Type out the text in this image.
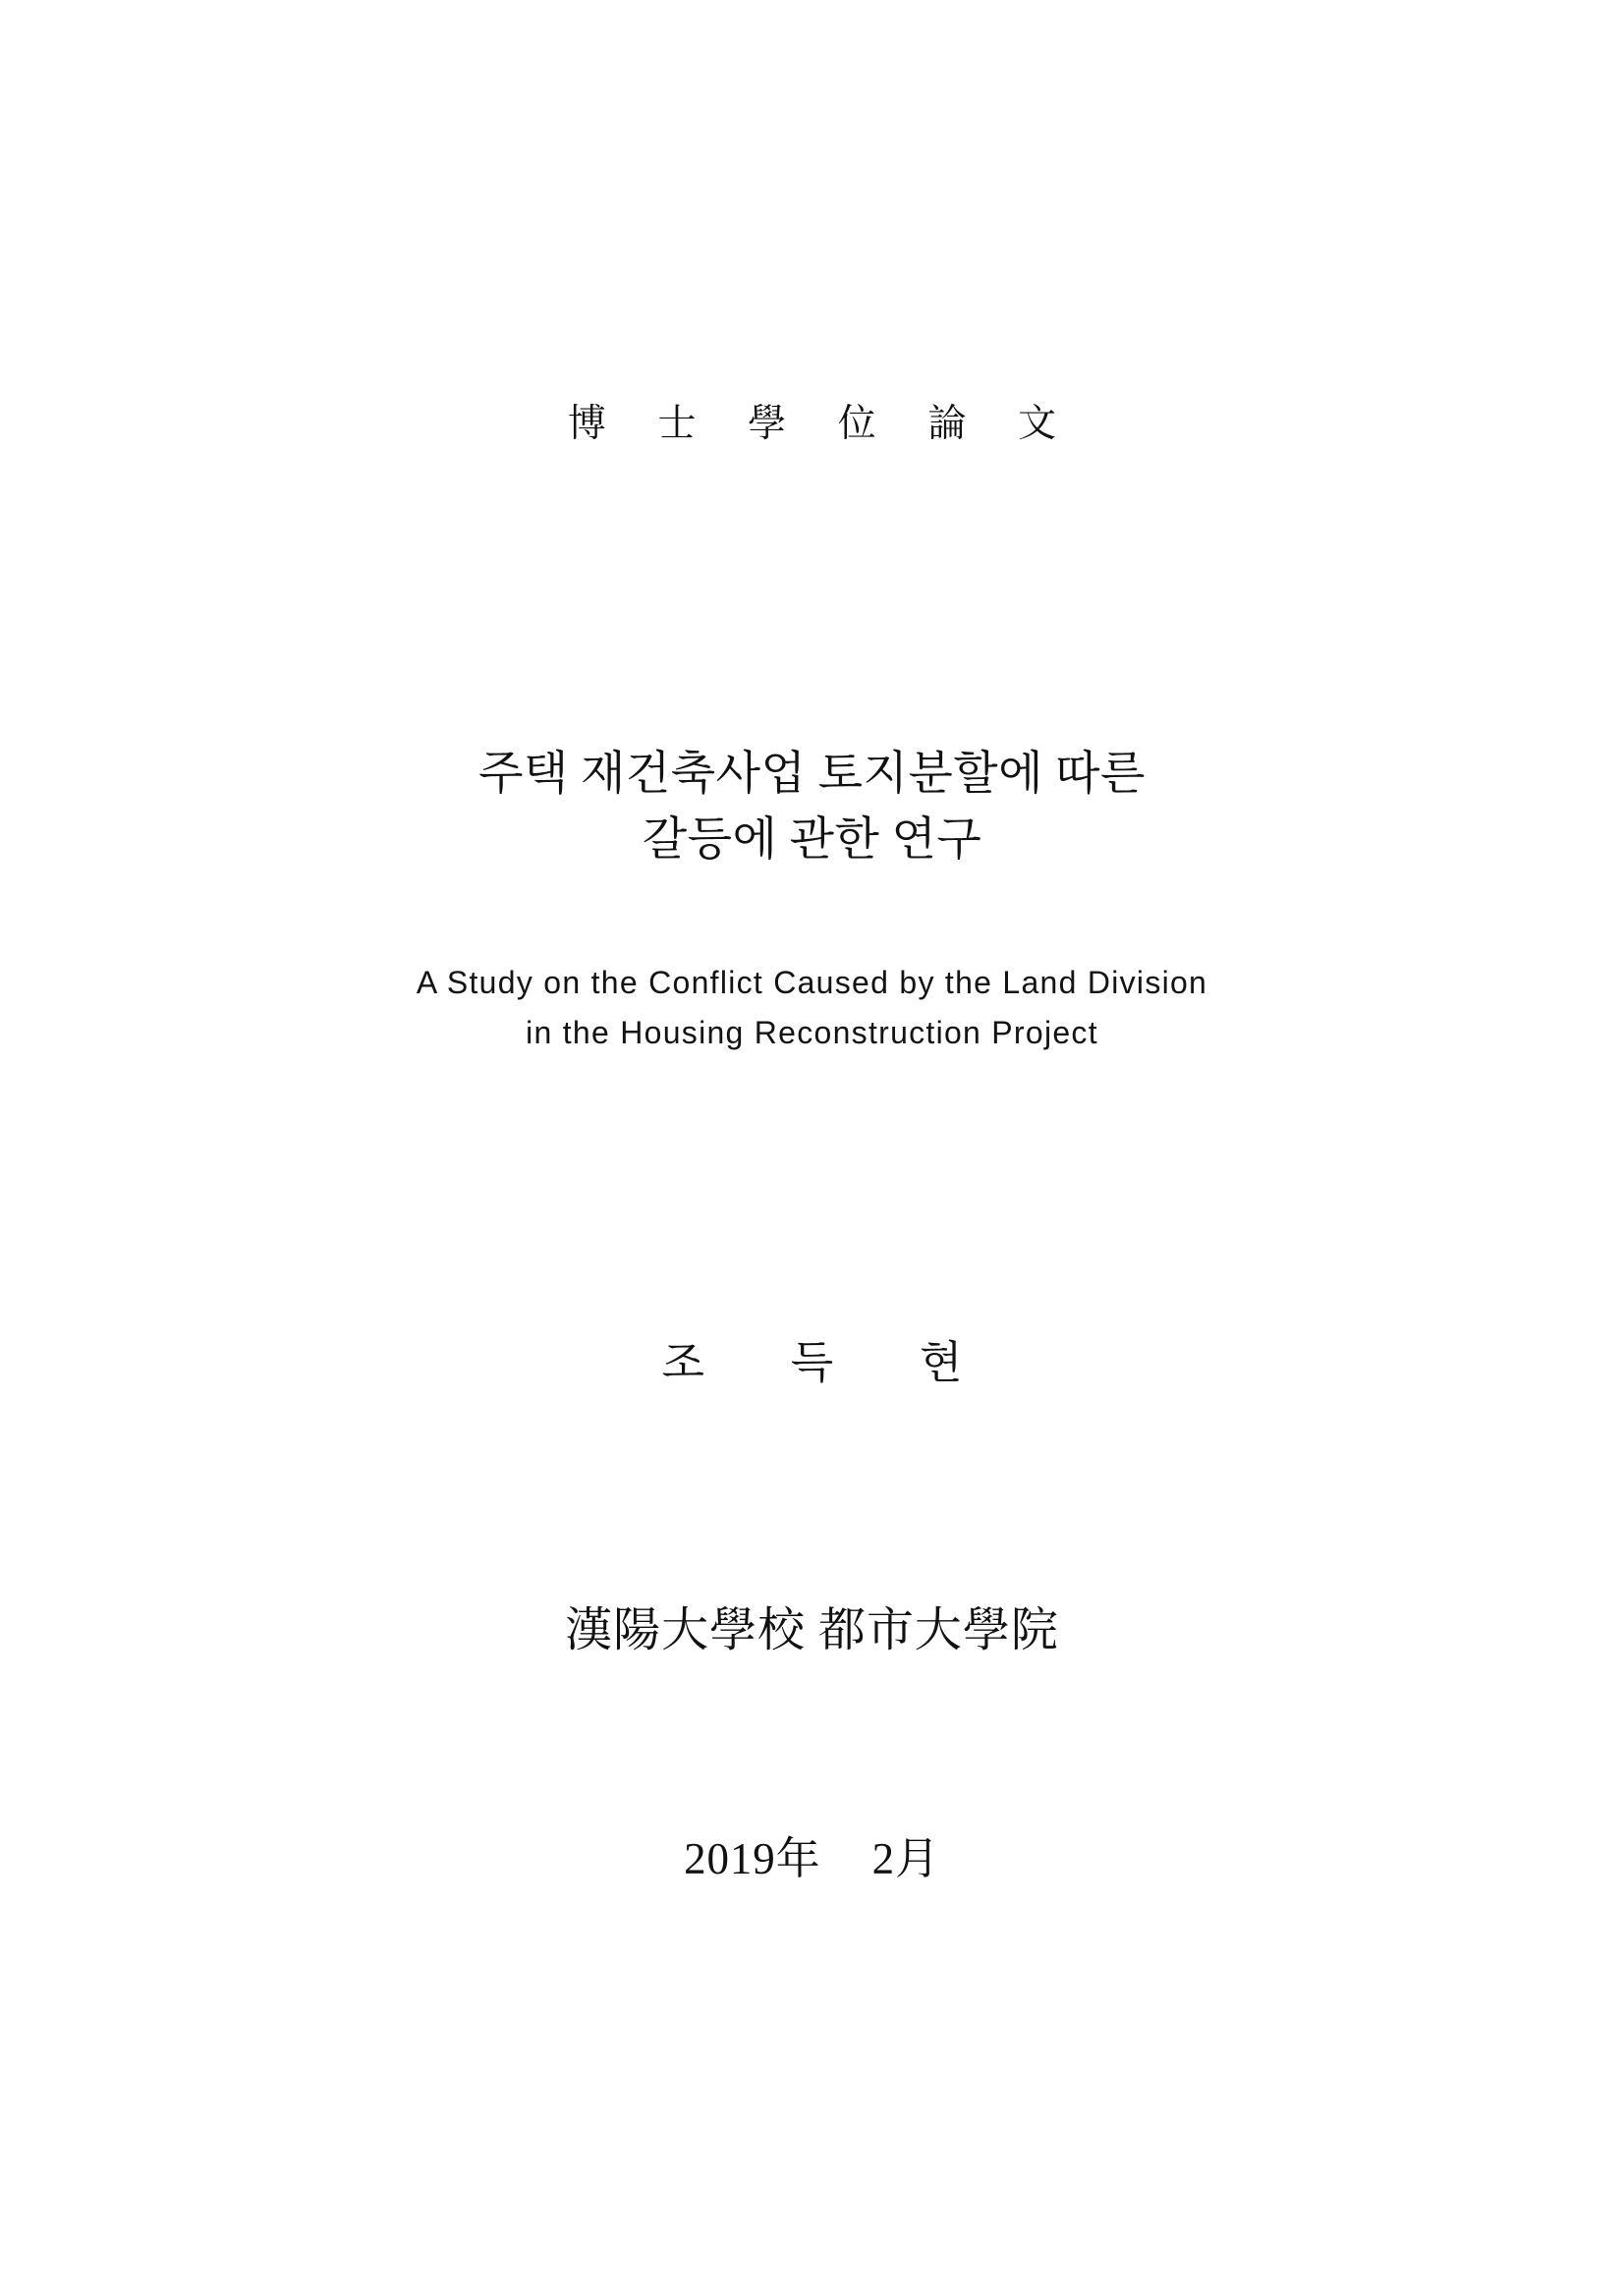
博 士 學 位 論 文
주택 재건축사업 토지분할에 따른
갈등에 관한 연구
A Study on the Conflict Caused by the Land Division
in the Housing Reconstruction Project
조 득 현
漢陽大學校 都市大學院
2019年 2月
